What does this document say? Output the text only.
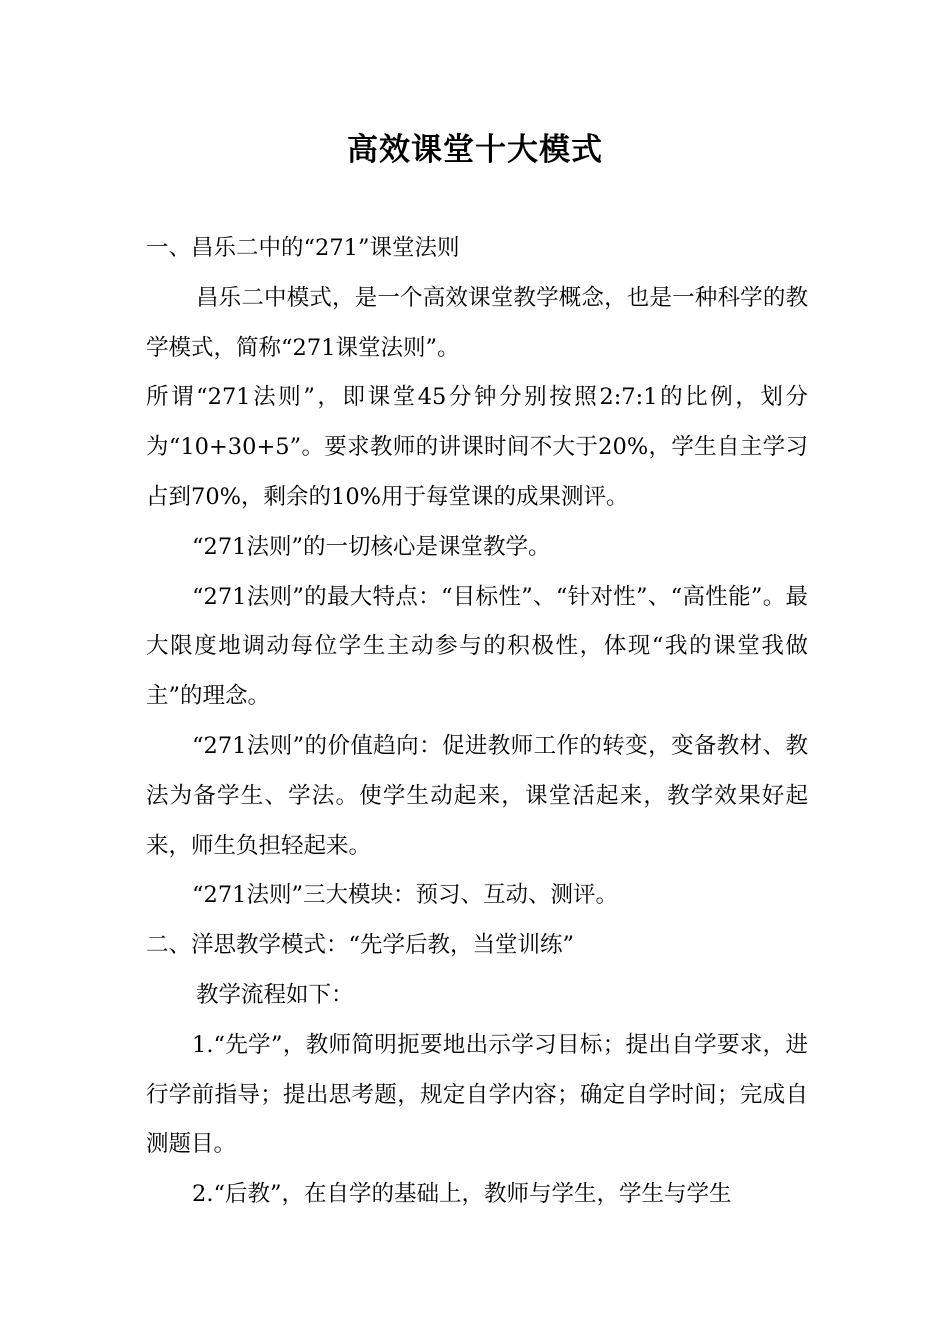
高效课堂十大模式

一、昌乐二中的“271”课堂法则

昌乐二中模式，是一个高效课堂教学概念，也是一种科学的教学模式，简称“271课堂法则”。

所谓“271法则”，即课堂45分钟分别按照2:7:1的比例，划分为“10+30+5”。要求教师的讲课时间不大于20%，学生自主学习占到70%，剩余的10%用于每堂课的成果测评。

“271法则”的一切核心是课堂教学。

“271法则”的最大特点：“目标性”、“针对性”、“高性能”。最大限度地调动每位学生主动参与的积极性，体现“我的课堂我做主”的理念。

“271法则”的价值趋向：促进教师工作的转变，变备教材、教法为备学生、学法。使学生动起来，课堂活起来，教学效果好起来，师生负担轻起来。

“271法则”三大模块：预习、互动、测评。

二、洋思教学模式：“先学后教，当堂训练”

教学流程如下：

1.“先学”，教师简明扼要地出示学习目标；提出自学要求，进行学前指导；提出思考题，规定自学内容；确定自学时间；完成自测题目。

2.“后教”，在自学的基础上，教师与学生，学生与学生
